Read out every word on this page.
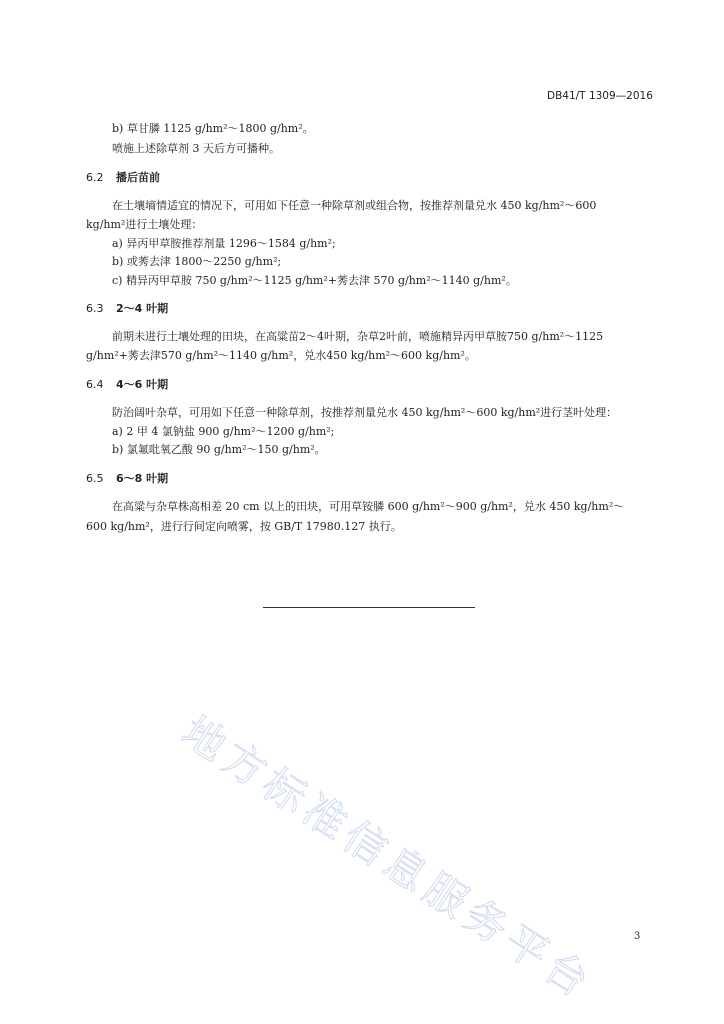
DB41/T 1309—2016
b) 草甘膦 1125 g/hm²～1800 g/hm²。
喷施上述除草剂 3 天后方可播种。
6.2 播后苗前
在土壤墒情适宜的情况下，可用如下任意一种除草剂或组合物，按推荐剂量兑水 450 kg/hm²～600
kg/hm²进行土壤处理：
a) 异丙甲草胺推荐剂量 1296～1584 g/hm²;
b) 或莠去津 1800～2250 g/hm²;
c) 精异丙甲草胺 750 g/hm²～1125 g/hm²+莠去津 570 g/hm²～1140 g/hm²。
6.3 2～4 叶期
前期未进行土壤处理的田块，在高粱苗2～4叶期，杂草2叶前，喷施精异丙甲草胺750 g/hm²～1125
g/hm²+莠去津570 g/hm²～1140 g/hm²，兑水450 kg/hm²～600 kg/hm²。
6.4 4～6 叶期
防治阔叶杂草，可用如下任意一种除草剂，按推荐剂量兑水 450 kg/hm²～600 kg/hm²进行茎叶处理：
a) 2 甲 4 氯钠盐 900 g/hm²～1200 g/hm²;
b) 氯氟吡氧乙酸 90 g/hm²～150 g/hm²。
6.5 6～8 叶期
在高粱与杂草株高相差 20 cm 以上的田块，可用草铵膦 600 g/hm²～900 g/hm²，兑水 450 kg/hm²～
600 kg/hm²，进行行间定向喷雾，按 GB/T 17980.127 执行。
地方标准信息服务平台	3
